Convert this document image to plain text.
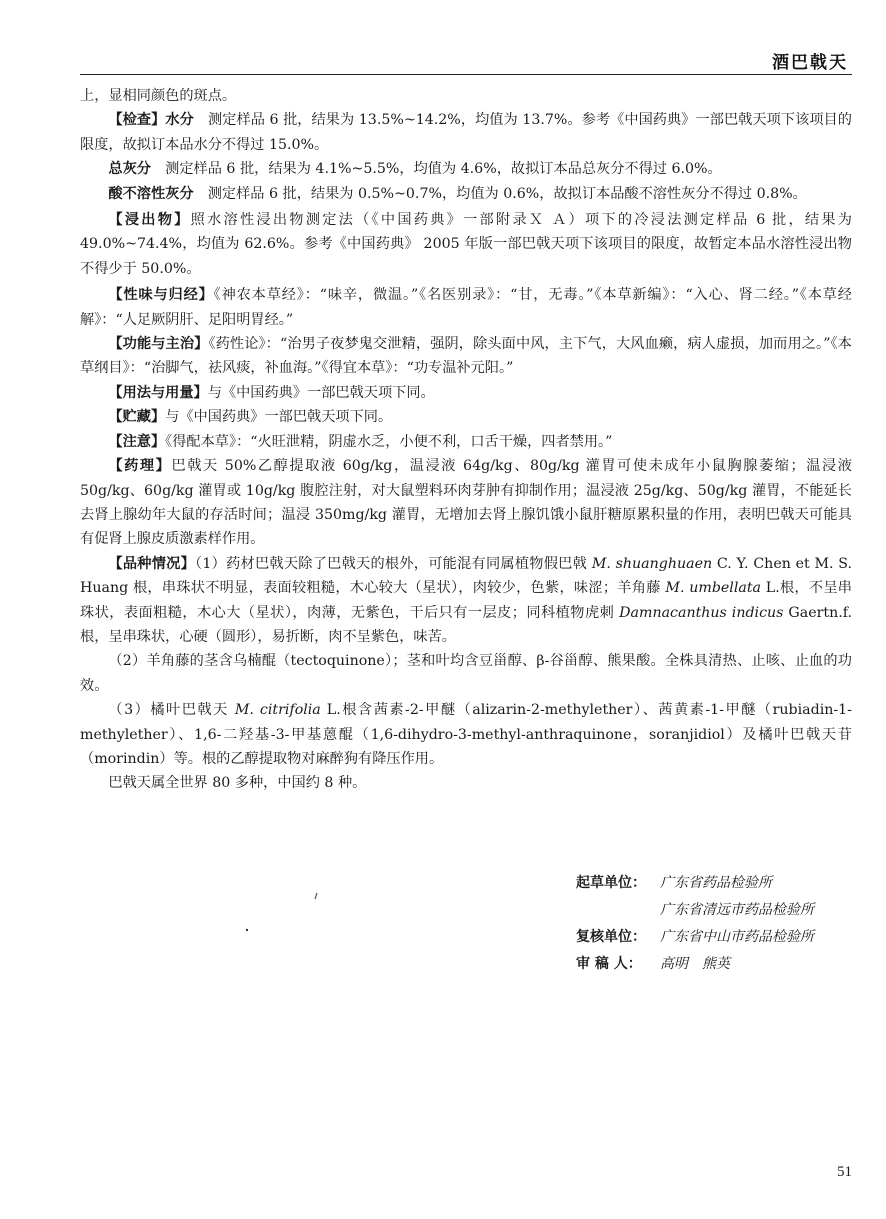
酒巴戟天

上，显相同颜色的斑点。

【检查】水分　 测定样品 6 批，结果为 13.5%~14.2%，均值为 13.7%。参考《中国药典》一部巴戟天项下该项目的限度，故拟订本品水分不得过 15.0%。

总灰分　 测定样品 6 批，结果为 4.1%~5.5%，均值为 4.6%，故拟订本品总灰分不得过 6.0%。

酸不溶性灰分　 测定样品 6 批，结果为 0.5%~0.7%，均值为 0.6%，故拟订本品酸不溶性灰分不得过 0.8%。

【浸出物】照水溶性浸出物测定法（《中国药典》一部附录Ｘ Ａ）项下的冷浸法测定样品 6 批，结果为 49.0%~74.4%，均值为 62.6%。参考《中国药典》 2005 年版一部巴戟天项下该项目的限度，故暂定本品水溶性浸出物不得少于 50.0%。

【性味与归经】《神农本草经》：“味辛，微温。”《名医别录》：“甘，无毒。”《本草新编》：“入心、肾二经。”《本草经解》：“人足厥阴肝、足阳明胃经。”

【功能与主治】《药性论》：“治男子夜梦鬼交泄精，强阴，除头面中风，主下气，大风血癞，病人虚损，加而用之。”《本草纲目》：“治脚气，祛风痰，补血海。”《得宜本草》：“功专温补元阳。”

【用法与用量】与《中国药典》一部巴戟天项下同。

【贮藏】与《中国药典》一部巴戟天项下同。

【注意】《得配本草》：“火旺泄精，阴虚水乏，小便不利，口舌干燥，四者禁用。”

【药理】巴戟天 50%乙醇提取液 60g/kg，温浸液 64g/kg、80g/kg 灌胃可使未成年小鼠胸腺萎缩；温浸液 50g/kg、60g/kg 灌胃或 10g/kg 腹腔注射，对大鼠塑料环肉芽肿有抑制作用；温浸液 25g/kg、50g/kg 灌胃，不能延长去肾上腺幼年大鼠的存活时间；温浸 350mg/kg 灌胃，无增加去肾上腺饥饿小鼠肝糖原累积量的作用，表明巴戟天可能具有促肾上腺皮质激素样作用。

【品种情况】（1）药材巴戟天除了巴戟天的根外，可能混有同属植物假巴戟 M. shuanghuaen C. Y. Chen et M. S. Huang 根，串珠状不明显，表面较粗糙，木心较大（星状），肉较少，色紫，味涩；羊角藤 M. umbellata L.根，不呈串珠状，表面粗糙，木心大（星状），肉薄，无紫色，干后只有一层皮；同科植物虎刺 Damnacanthus indicus Gaertn.f.根，呈串珠状，心硬（圆形），易折断，肉不呈紫色，味苦。

（2）羊角藤的茎含乌楠醌（tectoquinone）；茎和叶均含豆甾醇、β-谷甾醇、熊果酸。全株具清热、止咳、止血的功效。

（3）橘叶巴戟天 M. citrifolia L.根含茜素-2-甲醚（alizarin-2-methylether）、茜黄素-1-甲醚（rubiadin-1-methylether）、1,6-二羟基-3-甲基蒽醌（1,6-dihydro-3-methyl-anthraquinone，soranjidiol）及橘叶巴戟天苷（morindin）等。根的乙醇提取物对麻醉狗有降压作用。

巴戟天属全世界 80 多种，中国约 8 种。

起草单位：	广东省药品检验所
广东省清远市药品检验所
复核单位：	广东省中山市药品检验所
审 稿 人：	高明　熊英
51
